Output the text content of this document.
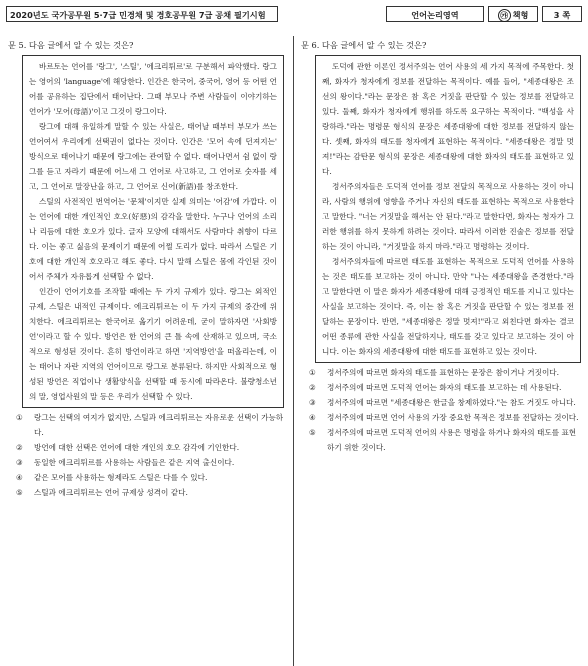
2020년도 국가공무원 5·7급 민경채 및 경호공무원 7급 공채 필기시험	언어논리영역	㉮ 책형	3 쪽
문 5. 다음 글에서 알 수 있는 것은?

바르토는 언어를 '랑그', '스틸', '에크리튀르'로 구분해서 파악했다. 랑그는 영어의 'language'에 해당한다. 인간은 한국어, 중국어, 영어 등 어떤 언어를 공유하는 집단에서 태어난다. 그때 부모나 주변 사람들이 이야기하는 언어가 '모어(母語)'이고 그것이 랑그이다.

랑그에 대해 유일하게 말할 수 있는 사실은, 태어날 때부터 부모가 쓰는 언어여서 우리에게 선택권이 없다는 것이다. 인간은 '모어 속에 던져지는' 방식으로 태어나기 때문에 랑그에는 관여할 수 없다. 태어나면서 쉼 없이 랑그를 듣고 자라기 때문에 어느새 그 언어로 사고하고, 그 언어로 숫자를 세고, 그 언어로 말장난을 하고, 그 언어로 신어(新語)를 창조한다.

스틸의 사전적인 번역어는 '문체'이지만 실제 의미는 '어감'에 가깝다. 이는 언어에 대한 개인적인 호오(好惡)의 감각을 말한다. 누구나 언어의 소리나 리듬에 대한 호오가 있다. 글자 모양에 대해서도 사람마다 취향이 다르다. 이는 좋고 싫음의 문제이기 때문에 어쩔 도리가 없다. 따라서 스틸은 기호에 대한 개인적 호오라고 해도 좋다. 다시 말해 스틸은 몸에 각인된 것이어서 주체가 자유롭게 선택할 수 없다.

인간이 언어기호를 조작할 때에는 두 가지 규제가 있다. 랑그는 외적인 규제, 스틸은 내적인 규제이다. 에크리튀르는 이 두 가지 규제의 중간에 위치한다. 에크리튀르는 한국어로 옮기기 어려운데, 굳이 말하자면 '사회방언'이라고 할 수 있다. 방언은 한 언어의 큰 틀 속에 산재하고 있으며, 국소적으로 형성된 것이다. 흔히 방언이라고 하면 '지역방언'을 떠올리는데, 이는 태어나 자란 지역의 언어이므로 랑그로 분류된다. 하지만 사회적으로 형성된 방언은 직업이나 생활양식을 선택할 때 동시에 따라온다. 불량청소년의 말, 영업사원의 말 등은 우리가 선택할 수 있다.

① 랑그는 선택의 여지가 없지만, 스틸과 에크리튀르는 자유로운 선택이 가능하다.
② 방언에 대한 선택은 언어에 대한 개인의 호오 감각에 기인한다.
③ 동일한 에크리튀르를 사용하는 사람들은 같은 지역 출신이다.
④ 같은 모어를 사용하는 형제라도 스틸은 다를 수 있다.
⑤ 스틸과 에크리튀르는 언어 규제상 성격이 같다.
문 6. 다음 글에서 알 수 있는 것은?

도덕에 관한 이론인 정서주의는 언어 사용의 세 가지 목적에 주목한다. 첫째, 화자가 청자에게 정보를 전달하는 목적이다. 예를 들어, "세종대왕은 조선의 왕이다."라는 문장은 참 혹은 거짓을 판단할 수 있는 정보를 전달하고 있다. 둘째, 화자가 청자에게 행위를 하도록 요구하는 목적이다. "백성을 사랑하라."라는 명령문 형식의 문장은 세종대왕에 대한 정보를 전달하지 않는다. 셋째, 화자의 태도를 청자에게 표현하는 목적이다. "세종대왕은 정말 멋져!"라는 감탄문 형식의 문장은 세종대왕에 대한 화자의 태도를 표현하고 있다.

정서주의자들은 도덕적 언어를 정보 전달의 목적으로 사용하는 것이 아니라, 사람의 행위에 영향을 주거나 자신의 태도를 표현하는 목적으로 사용한다고 말한다. "너는 거짓말을 해서는 안 된다."라고 말한다면, 화자는 청자가 그러한 행위를 하지 못하게 하려는 것이다. 따라서 이러한 진술은 정보를 전달하는 것이 아니라, "거짓말을 하지 마라."라고 명령하는 것이다.

정서주의자들에 따르면 태도를 표현하는 목적으로 도덕적 언어를 사용하는 것은 태도를 보고하는 것이 아니다. 만약 "나는 세종대왕을 존경한다."라고 말한다면 이 말은 화자가 세종대왕에 대해 긍정적인 태도를 지니고 있다는 사실을 보고하는 것이다. 즉, 이는 참 혹은 거짓을 판단할 수 있는 정보를 전달하는 문장이다. 반면, "세종대왕은 정말 멋져!"라고 외친다면 화자는 결코 어떤 종류에 관한 사실을 전달하지나, 태도를 갖고 있다고 보고하는 것이 아니다. 이는 화자의 세종대왕에 대한 태도를 표현하고 있는 것이다.

① 정서주의에 따르면 화자의 태도를 표현하는 문장은 참이거나 거짓이다.
② 정서주의에 따르면 도덕적 언어는 화자의 태도를 보고하는 데 사용된다.
③ 정서주의에 따르면 "세종대왕은 한글을 창제하였다."는 참도 거짓도 아니다.
④ 정서주의에 따르면 언어 사용의 가장 중요한 목적은 정보를 전달하는 것이다.
⑤ 정서주의에 따르면 도덕적 언어의 사용은 명령을 하거나 화자의 태도를 표현하기 위한 것이다.
